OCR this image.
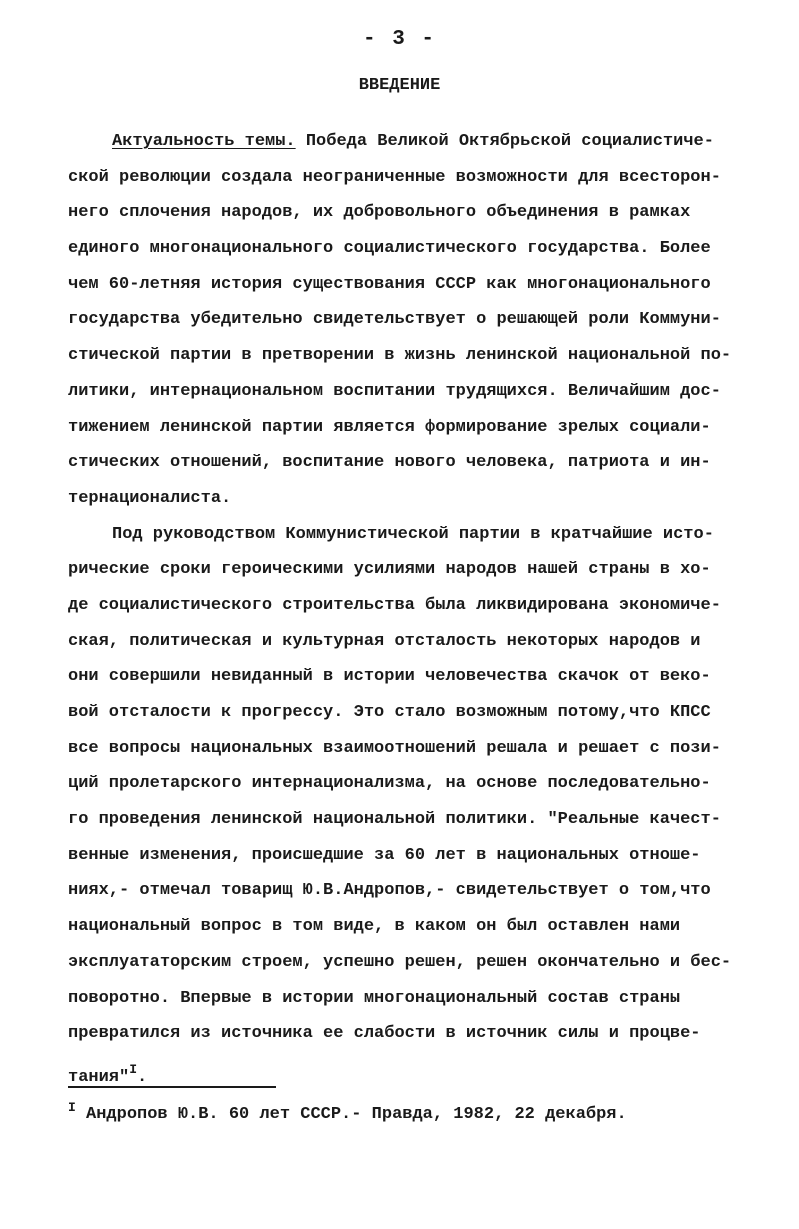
- 3 -
ВВЕДЕНИЕ
Актуальность темы. Победа Великой Октябрьской социалистиче-
ской революции создала неограниченные возможности для всесторон-
него сплочения народов, их добровольного объединения в рамках
единого многонационального социалистического государства. Более
чем 60-летняя история существования СССР как многонационального
государства убедительно свидетельствует о решающей роли Коммуни-
стической партии в претворении в жизнь ленинской национальной по-
литики, интернациональном воспитании трудящихся. Величайшим дос-
тижением ленинской партии является формирование зрелых социали-
стических отношений, воспитание нового человека, патриота и ин-
тернационалиста.
Под руководством Коммунистической партии в кратчайшие исто-
рические сроки героическими усилиями народов нашей страны в хо-
де социалистического строительства была ликвидирована экономиче-
ская, политическая и культурная отсталость некоторых народов и
они совершили невиданный в истории человечества скачок от веко-
вой отсталости к прогрессу. Это стало возможным потому,что КПСС
все вопросы национальных взаимоотношений решала и решает с пози-
ций пролетарского интернационализма, на основе последовательно-
го проведения ленинской национальной политики. "Реальные качест-
венные изменения, происшедшие за 60 лет в национальных отноше-
ниях,- отмечал товарищ Ю.В.Андропов,- свидетельствует о том,что
национальный вопрос в том виде, в каком он был оставлен нами
эксплуататорским строем, успешно решен, решен окончательно и бес-
поворотно. Впервые в истории многонациональный состав страны
превратился из источника ее слабости в источник силы и процве-
тания"$^I$.
$^I$ Андропов Ю.В. 60 лет СССР.- Правда, 1982, 22 декабря.
